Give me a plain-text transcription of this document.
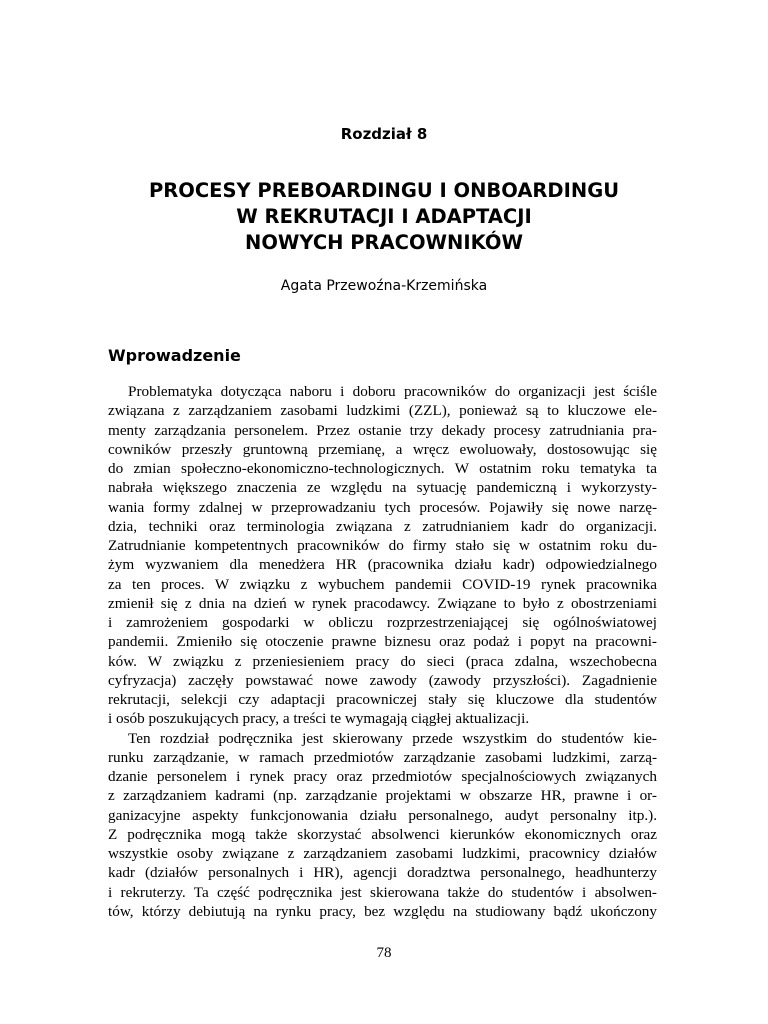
Rozdział 8
PROCESY PREBOARDINGU I ONBOARDINGU
W REKRUTACJI I ADAPTACJI
NOWYCH PRACOWNIKÓW
Agata Przewoźna-Krzemińska
Wprowadzenie
Problematyka dotycząca naboru i doboru pracowników do organizacji jest ściśle
związana z zarządzaniem zasobami ludzkimi (ZZL), ponieważ są to kluczowe ele-
menty zarządzania personelem. Przez ostanie trzy dekady procesy zatrudniania pra-
cowników przeszły gruntowną przemianę, a wręcz ewoluowały, dostosowując się
do zmian społeczno-ekonomiczno-technologicznych. W ostatnim roku tematyka ta
nabrała większego znaczenia ze względu na sytuację pandemiczną i wykorzysty-
wania formy zdalnej w przeprowadzaniu tych procesów. Pojawiły się nowe narzę-
dzia, techniki oraz terminologia związana z zatrudnianiem kadr do organizacji.
Zatrudnianie kompetentnych pracowników do firmy stało się w ostatnim roku du-
żym wyzwaniem dla menedżera HR (pracownika działu kadr) odpowiedzialnego
za ten proces. W związku z wybuchem pandemii COVID-19 rynek pracownika
zmienił się z dnia na dzień w rynek pracodawcy. Związane to było z obostrzeniami
i zamrożeniem gospodarki w obliczu rozprzestrzeniającej się ogólnoświatowej
pandemii. Zmieniło się otoczenie prawne biznesu oraz podaż i popyt na pracowni-
ków. W związku z przeniesieniem pracy do sieci (praca zdalna, wszechobecna
cyfryzacja) zaczęły powstawać nowe zawody (zawody przyszłości). Zagadnienie
rekrutacji, selekcji czy adaptacji pracowniczej stały się kluczowe dla studentów
i osób poszukujących pracy, a treści te wymagają ciągłej aktualizacji.
Ten rozdział podręcznika jest skierowany przede wszystkim do studentów kie-
runku zarządzanie, w ramach przedmiotów zarządzanie zasobami ludzkimi, zarzą-
dzanie personelem i rynek pracy oraz przedmiotów specjalnościowych związanych
z zarządzaniem kadrami (np. zarządzanie projektami w obszarze HR, prawne i or-
ganizacyjne aspekty funkcjonowania działu personalnego, audyt personalny itp.).
Z podręcznika mogą także skorzystać absolwenci kierunków ekonomicznych oraz
wszystkie osoby związane z zarządzaniem zasobami ludzkimi, pracownicy działów
kadr (działów personalnych i HR), agencji doradztwa personalnego, headhunterzy
i rekruterzy. Ta część podręcznika jest skierowana także do studentów i absolwen-
tów, którzy debiutują na rynku pracy, bez względu na studiowany bądź ukończony
78
